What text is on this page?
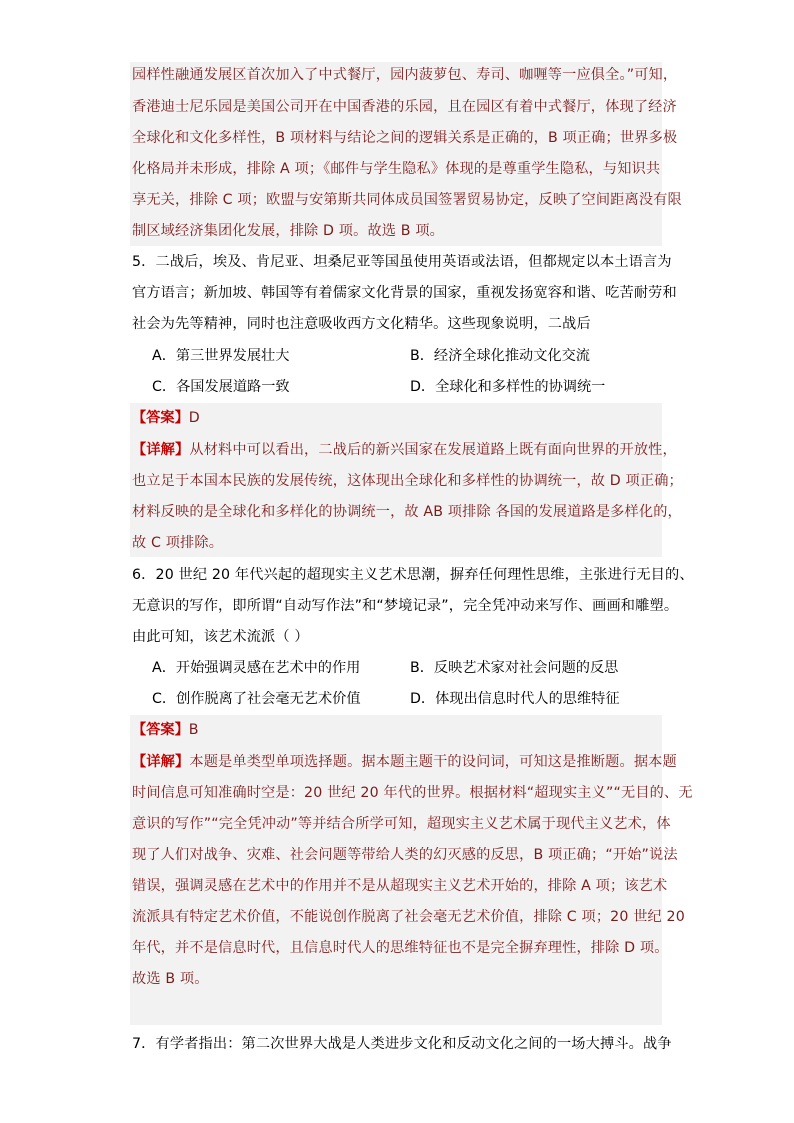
园样性融通发展区首次加入了中式餐厅，园内菠萝包、寿司、咖喱等一应俱全。”可知，
香港迪士尼乐园是美国公司开在中国香港的乐园，且在园区有着中式餐厅，体现了经济
全球化和文化多样性，B 项材料与结论之间的逻辑关系是正确的，B 项正确；世界多极
化格局并未形成，排除 A 项；《邮件与学生隐私》体现的是尊重学生隐私，与知识共
享无关，排除 C 项；欧盟与安第斯共同体成员国签署贸易协定，反映了空间距离没有限
制区域经济集团化发展，排除 D 项。故选 B 项。
5．二战后，埃及、肯尼亚、坦桑尼亚等国虽使用英语或法语，但都规定以本土语言为
官方语言；新加坡、韩国等有着儒家文化背景的国家，重视发扬宽容和谐、吃苦耐劳和
社会为先等精神，同时也注意吸收西方文化精华。这些现象说明，二战后
A．第三世界发展壮大	B．经济全球化推动文化交流
C．各国发展道路一致	D．全球化和多样性的协调统一
【答案】D
【详解】从材料中可以看出，二战后的新兴国家在发展道路上既有面向世界的开放性，
也立足于本国本民族的发展传统，这体现出全球化和多样性的协调统一，故 D 项正确；
材料反映的是全球化和多样化的协调统一，故 AB 项排除 各国的发展道路是多样化的，
故 C 项排除。
6．20 世纪 20 年代兴起的超现实主义艺术思潮，摒弃任何理性思维，主张进行无目的、
无意识的写作，即所谓“自动写作法”和“梦境记录”，完全凭冲动来写作、画画和雕塑。
由此可知，该艺术流派（ ）
A．开始强调灵感在艺术中的作用	B．反映艺术家对社会问题的反思
C．创作脱离了社会毫无艺术价值	D．体现出信息时代人的思维特征
【答案】B
【详解】本题是单类型单项选择题。据本题主题干的设问词，可知这是推断题。据本题
时间信息可知准确时空是：20 世纪 20 年代的世界。根据材料“超现实主义”“无目的、无
意识的写作”“完全凭冲动”等并结合所学可知，超现实主义艺术属于现代主义艺术，体
现了人们对战争、灾难、社会问题等带给人类的幻灭感的反思，B 项正确；“开始”说法
错误，强调灵感在艺术中的作用并不是从超现实主义艺术开始的，排除 A 项；该艺术
流派具有特定艺术价值，不能说创作脱离了社会毫无艺术价值，排除 C 项；20 世纪 20
年代，并不是信息时代，且信息时代人的思维特征也不是完全摒弃理性，排除 D 项。
故选 B 项。
7．有学者指出：第二次世界大战是人类进步文化和反动文化之间的一场大搏斗。战争
